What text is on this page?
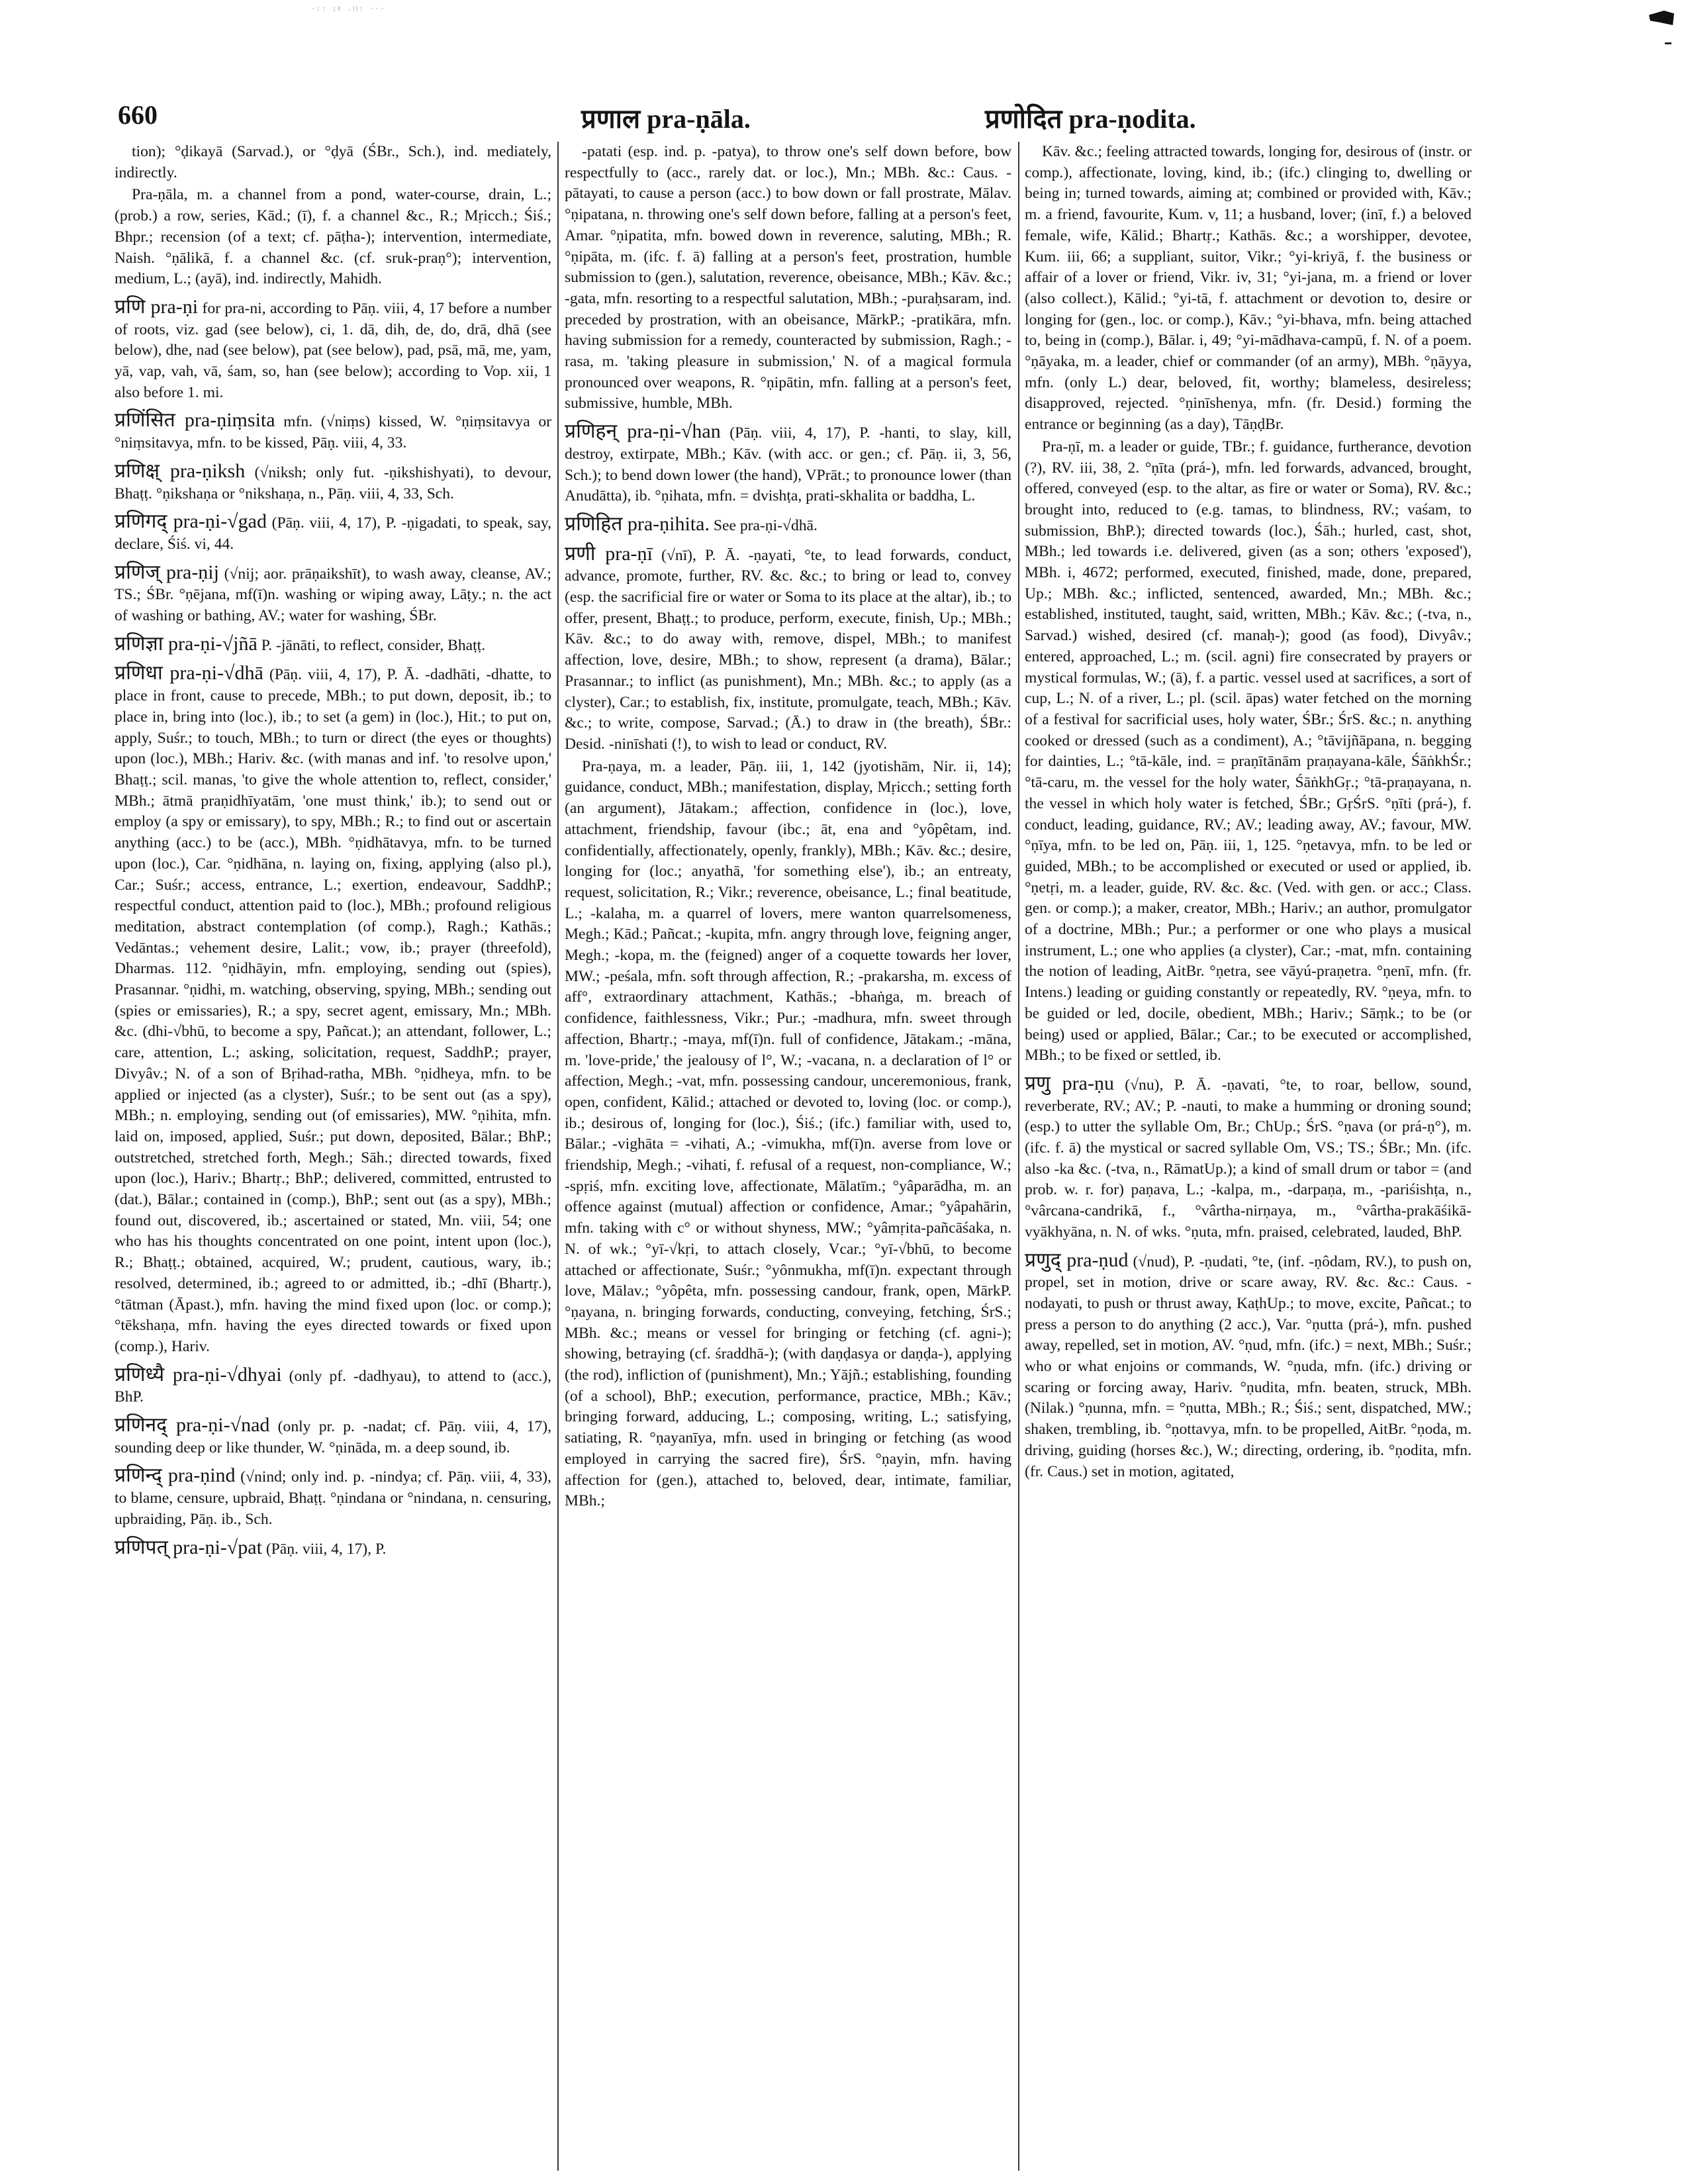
·:: ;ℓ .⁞⁞: ···
660	प्रणाल pra-ṇāla.	प्रणोदित pra-ṇodita.

tion); °ḍikayā (Sarvad.), or °ḍyā (ŚBr., Sch.), ind. mediately, indirectly.

Pra-ṇāla, m. a channel from a pond, water-course, drain, L.; (prob.) a row, series, Kād.; (ī), f. a channel &c., R.; Mṛicch.; Śiś.; Bhpr.; recension (of a text; cf. pāṭha-); intervention, intermediate, Naish. °ṇālikā, f. a channel &c. (cf. sruk-praṇ°); intervention, medium, L.; (ayā), ind. indirectly, Mahidh.

प्रणि pra-ṇi for pra-ni, according to Pāṇ. viii, 4, 17 before a number of roots, viz. gad (see below), ci, 1. dā, dih, de, do, drā, dhā (see below), dhe, nad (see below), pat (see below), pad, psā, mā, me, yam, yā, vap, vah, vā, śam, so, han (see below); according to Vop. xii, 1 also before 1. mi.

प्रणिंसित pra-ṇiṃsita mfn. (√niṃs) kissed, W. °ṇiṃsitavya or °niṃsitavya, mfn. to be kissed, Pāṇ. viii, 4, 33.

प्रणिक्ष् pra-ṇiksh (√niksh; only fut. -ṇikshishyati), to devour, Bhaṭṭ. °ṇikshaṇa or °nikshaṇa, n., Pāṇ. viii, 4, 33, Sch.

प्रणिगद् pra-ṇi-√gad (Pāṇ. viii, 4, 17), P. -ṇigadati, to speak, say, declare, Śiś. vi, 44.

प्रणिज् pra-ṇij (√nij; aor. prāṇaikshīt), to wash away, cleanse, AV.; TS.; ŚBr. °ṇējana, mf(ī)n. washing or wiping away, Lāṭy.; n. the act of washing or bathing, AV.; water for washing, ŚBr.

प्रणिज्ञा pra-ṇi-√jñā P. -jānāti, to reflect, consider, Bhaṭṭ.

प्रणिधा pra-ṇi-√dhā (Pāṇ. viii, 4, 17), P. Ā. -dadhāti, -dhatte, to place in front, cause to precede, MBh.; to put down, deposit, ib.; to place in, bring into (loc.), ib.; to set (a gem) in (loc.), Hit.; to put on, apply, Suśr.; to touch, MBh.; to turn or direct (the eyes or thoughts) upon (loc.), MBh.; Hariv. &c. (with manas and inf. 'to resolve upon,' Bhaṭṭ.; scil. manas, 'to give the whole attention to, reflect, consider,' MBh.; ātmā praṇidhīyatām, 'one must think,' ib.); to send out or employ (a spy or emissary), to spy, MBh.; R.; to find out or ascertain anything (acc.) to be (acc.), MBh. °ṇidhātavya, mfn. to be turned upon (loc.), Car. °ṇidhāna, n. laying on, fixing, applying (also pl.), Car.; Suśr.; access, entrance, L.; exertion, endeavour, SaddhP.; respectful conduct, attention paid to (loc.), MBh.; profound religious meditation, abstract contemplation (of comp.), Ragh.; Kathās.; Vedāntas.; vehement desire, Lalit.; vow, ib.; prayer (threefold), Dharmas. 112. °ṇidhāyin, mfn. employing, sending out (spies), Prasannar. °ṇidhi, m. watching, observing, spying, MBh.; sending out (spies or emissaries), R.; a spy, secret agent, emissary, Mn.; MBh. &c. (dhi-√bhū, to become a spy, Pañcat.); an attendant, follower, L.; care, attention, L.; asking, solicitation, request, SaddhP.; prayer, Divyâv.; N. of a son of Bṛihad-ratha, MBh. °ṇidheya, mfn. to be applied or injected (as a clyster), Suśr.; to be sent out (as a spy), MBh.; n. employing, sending out (of emissaries), MW. °ṇihita, mfn. laid on, imposed, applied, Suśr.; put down, deposited, Bālar.; BhP.; outstretched, stretched forth, Megh.; Sāh.; directed towards, fixed upon (loc.), Hariv.; Bhartṛ.; BhP.; delivered, committed, entrusted to (dat.), Bālar.; contained in (comp.), BhP.; sent out (as a spy), MBh.; found out, discovered, ib.; ascertained or stated, Mn. viii, 54; one who has his thoughts concentrated on one point, intent upon (loc.), R.; Bhaṭṭ.; obtained, acquired, W.; prudent, cautious, wary, ib.; resolved, determined, ib.; agreed to or admitted, ib.; -dhī (Bhartṛ.), °tātman (Āpast.), mfn. having the mind fixed upon (loc. or comp.); °tēkshaṇa, mfn. having the eyes directed towards or fixed upon (comp.), Hariv.

प्रणिध्यै pra-ṇi-√dhyai (only pf. -dadhyau), to attend to (acc.), BhP.

प्रणिनद् pra-ṇi-√nad (only pr. p. -nadat; cf. Pāṇ. viii, 4, 17), sounding deep or like thunder, W. °ṇināda, m. a deep sound, ib.

प्रणिन्द् pra-ṇind (√nind; only ind. p. -nindya; cf. Pāṇ. viii, 4, 33), to blame, censure, upbraid, Bhaṭṭ. °ṇindana or °nindana, n. censuring, upbraiding, Pāṇ. ib., Sch.

प्रणिपत् pra-ṇi-√pat (Pāṇ. viii, 4, 17), P.

-patati (esp. ind. p. -patya), to throw one's self down before, bow respectfully to (acc., rarely dat. or loc.), Mn.; MBh. &c.: Caus. -pātayati, to cause a person (acc.) to bow down or fall prostrate, Mālav. °ṇipatana, n. throwing one's self down before, falling at a person's feet, Amar. °ṇipatita, mfn. bowed down in reverence, saluting, MBh.; R. °ṇipāta, m. (ifc. f. ā) falling at a person's feet, prostration, humble submission to (gen.), salutation, reverence, obeisance, MBh.; Kāv. &c.; -gata, mfn. resorting to a respectful salutation, MBh.; -puraḥsaram, ind. preceded by prostration, with an obeisance, MārkP.; -pratikāra, mfn. having submission for a remedy, counteracted by submission, Ragh.; -rasa, m. 'taking pleasure in submission,' N. of a magical formula pronounced over weapons, R. °ṇipātin, mfn. falling at a person's feet, submissive, humble, MBh.

प्रणिहन् pra-ṇi-√han (Pāṇ. viii, 4, 17), P. -hanti, to slay, kill, destroy, extirpate, MBh.; Kāv. (with acc. or gen.; cf. Pāṇ. ii, 3, 56, Sch.); to bend down lower (the hand), VPrāt.; to pronounce lower (than Anudātta), ib. °ṇihata, mfn. = dvishṭa, prati-skhalita or baddha, L.

प्रणिहित pra-ṇihita. See pra-ṇi-√dhā.

प्रणी pra-ṇī (√nī), P. Ā. -ṇayati, °te, to lead forwards, conduct, advance, promote, further, RV. &c. &c.; to bring or lead to, convey (esp. the sacrificial fire or water or Soma to its place at the altar), ib.; to offer, present, Bhaṭṭ.; to produce, perform, execute, finish, Up.; MBh.; Kāv. &c.; to do away with, remove, dispel, MBh.; to manifest affection, love, desire, MBh.; to show, represent (a drama), Bālar.; Prasannar.; to inflict (as punishment), Mn.; MBh. &c.; to apply (as a clyster), Car.; to establish, fix, institute, promulgate, teach, MBh.; Kāv. &c.; to write, compose, Sarvad.; (Ā.) to draw in (the breath), ŚBr.: Desid. -ninīshati (!), to wish to lead or conduct, RV.

Pra-ṇaya, m. a leader, Pāṇ. iii, 1, 142 (jyotishām, Nir. ii, 14); guidance, conduct, MBh.; manifestation, display, Mṛicch.; setting forth (an argument), Jātakam.; affection, confidence in (loc.), love, attachment, friendship, favour (ibc.; āt, ena and °yôpêtam, ind. confidentially, affectionately, openly, frankly), MBh.; Kāv. &c.; desire, longing for (loc.; anyathā, 'for something else'), ib.; an entreaty, request, solicitation, R.; Vikr.; reverence, obeisance, L.; final beatitude, L.; -kalaha, m. a quarrel of lovers, mere wanton quarrelsomeness, Megh.; Kād.; Pañcat.; -kupita, mfn. angry through love, feigning anger, Megh.; -kopa, m. the (feigned) anger of a coquette towards her lover, MW.; -peśala, mfn. soft through affection, R.; -prakarsha, m. excess of aff°, extraordinary attachment, Kathās.; -bhaṅga, m. breach of confidence, faithlessness, Vikr.; Pur.; -madhura, mfn. sweet through affection, Bhartṛ.; -maya, mf(ī)n. full of confidence, Jātakam.; -māna, m. 'love-pride,' the jealousy of l°, W.; -vacana, n. a declaration of l° or affection, Megh.; -vat, mfn. possessing candour, unceremonious, frank, open, confident, Kālid.; attached or devoted to, loving (loc. or comp.), ib.; desirous of, longing for (loc.), Śiś.; (ifc.) familiar with, used to, Bālar.; -vighāta = -vihati, A.; -vimukha, mf(ī)n. averse from love or friendship, Megh.; -vihati, f. refusal of a request, non-compliance, W.; -spṛiś, mfn. exciting love, affectionate, Mālatīm.; °yâparādha, m. an offence against (mutual) affection or confidence, Amar.; °yâpahārin, mfn. taking with c° or without shyness, MW.; °yâmṛita-pañcāśaka, n. N. of wk.; °yī-√kṛi, to attach closely, Vcar.; °yī-√bhū, to become attached or affectionate, Suśr.; °yônmukha, mf(ī)n. expectant through love, Mālav.; °yôpêta, mfn. possessing candour, frank, open, MārkP. °ṇayana, n. bringing forwards, conducting, conveying, fetching, ŚrS.; MBh. &c.; means or vessel for bringing or fetching (cf. agni-); showing, betraying (cf. śraddhā-); (with daṇḍasya or daṇḍa-), applying (the rod), infliction of (punishment), Mn.; Yājñ.; establishing, founding (of a school), BhP.; execution, performance, practice, MBh.; Kāv.; bringing forward, adducing, L.; composing, writing, L.; satisfying, satiating, R. °ṇayanīya, mfn. used in bringing or fetching (as wood employed in carrying the sacred fire), ŚrS. °ṇayin, mfn. having affection for (gen.), attached to, beloved, dear, intimate, familiar, MBh.;

Kāv. &c.; feeling attracted towards, longing for, desirous of (instr. or comp.), affectionate, loving, kind, ib.; (ifc.) clinging to, dwelling or being in; turned towards, aiming at; combined or provided with, Kāv.; m. a friend, favourite, Kum. v, 11; a husband, lover; (inī, f.) a beloved female, wife, Kālid.; Bhartṛ.; Kathās. &c.; a worshipper, devotee, Kum. iii, 66; a suppliant, suitor, Vikr.; °yi-kriyā, f. the business or affair of a lover or friend, Vikr. iv, 31; °yi-jana, m. a friend or lover (also collect.), Kālid.; °yi-tā, f. attachment or devotion to, desire or longing for (gen., loc. or comp.), Kāv.; °yi-bhava, mfn. being attached to, being in (comp.), Bālar. i, 49; °yi-mādhava-campū, f. N. of a poem. °ṇāyaka, m. a leader, chief or commander (of an army), MBh. °ṇāyya, mfn. (only L.) dear, beloved, fit, worthy; blameless, desireless; disapproved, rejected. °ṇinīshenya, mfn. (fr. Desid.) forming the entrance or beginning (as a day), TāṇḍBr.

Pra-ṇī, m. a leader or guide, TBr.; f. guidance, furtherance, devotion (?), RV. iii, 38, 2. °ṇīta (prá-), mfn. led forwards, advanced, brought, offered, conveyed (esp. to the altar, as fire or water or Soma), RV. &c.; brought into, reduced to (e.g. tamas, to blindness, RV.; vaśam, to submission, BhP.); directed towards (loc.), Śāh.; hurled, cast, shot, MBh.; led towards i.e. delivered, given (as a son; others 'exposed'), MBh. i, 4672; performed, executed, finished, made, done, prepared, Up.; MBh. &c.; inflicted, sentenced, awarded, Mn.; MBh. &c.; established, instituted, taught, said, written, MBh.; Kāv. &c.; (-tva, n., Sarvad.) wished, desired (cf. manaḥ-); good (as food), Divyâv.; entered, approached, L.; m. (scil. agni) fire consecrated by prayers or mystical formulas, W.; (ā), f. a partic. vessel used at sacrifices, a sort of cup, L.; N. of a river, L.; pl. (scil. āpas) water fetched on the morning of a festival for sacrificial uses, holy water, ŚBr.; ŚrS. &c.; n. anything cooked or dressed (such as a condiment), A.; °tāvijñāpana, n. begging for dainties, L.; °tā-kāle, ind. = praṇītānām praṇayana-kāle, ŚāṅkhŚr.; °tā-caru, m. the vessel for the holy water, ŚāṅkhGṛ.; °tā-praṇayana, n. the vessel in which holy water is fetched, ŚBr.; GṛŚrS. °ṇīti (prá-), f. conduct, leading, guidance, RV.; AV.; leading away, AV.; favour, MW. °ṇīya, mfn. to be led on, Pāṇ. iii, 1, 125. °ṇetavya, mfn. to be led or guided, MBh.; to be accomplished or executed or used or applied, ib. °ṇetṛi, m. a leader, guide, RV. &c. &c. (Ved. with gen. or acc.; Class. gen. or comp.); a maker, creator, MBh.; Hariv.; an author, promulgator of a doctrine, MBh.; Pur.; a performer or one who plays a musical instrument, L.; one who applies (a clyster), Car.; -mat, mfn. containing the notion of leading, AitBr. °ṇetra, see vāyú-praṇetra. °ṇenī, mfn. (fr. Intens.) leading or guiding constantly or repeatedly, RV. °ṇeya, mfn. to be guided or led, docile, obedient, MBh.; Hariv.; Sāṃk.; to be (or being) used or applied, Bālar.; Car.; to be executed or accomplished, MBh.; to be fixed or settled, ib.

प्रणु pra-ṇu (√nu), P. Ā. -ṇavati, °te, to roar, bellow, sound, reverberate, RV.; AV.; P. -nauti, to make a humming or droning sound; (esp.) to utter the syllable Om, Br.; ChUp.; ŚrS. °ṇava (or prá-ṇ°), m. (ifc. f. ā) the mystical or sacred syllable Om, VS.; TS.; ŚBr.; Mn. (ifc. also -ka &c. (-tva, n., RāmatUp.); a kind of small drum or tabor = (and prob. w. r. for) paṇava, L.; -kalpa, m., -darpaṇa, m., -pariśishṭa, n., °vârcana-candrikā, f., °vârtha-nirṇaya, m., °vârtha-prakāśikā-vyākhyāna, n. N. of wks. °ṇuta, mfn. praised, celebrated, lauded, BhP.

प्रणुद् pra-ṇud (√nud), P. -ṇudati, °te, (inf. -ṇôdam, RV.), to push on, propel, set in motion, drive or scare away, RV. &c. &c.: Caus. -nodayati, to push or thrust away, KaṭhUp.; to move, excite, Pañcat.; to press a person to do anything (2 acc.), Var. °ṇutta (prá-), mfn. pushed away, repelled, set in motion, AV. °ṇud, mfn. (ifc.) = next, MBh.; Suśr.; who or what enjoins or commands, W. °ṇuda, mfn. (ifc.) driving or scaring or forcing away, Hariv. °ṇudita, mfn. beaten, struck, MBh. (Nilak.) °ṇunna, mfn. = °ṇutta, MBh.; R.; Śiś.; sent, dispatched, MW.; shaken, trembling, ib. °ṇottavya, mfn. to be propelled, AitBr. °ṇoda, m. driving, guiding (horses &c.), W.; directing, ordering, ib. °ṇodita, mfn. (fr. Caus.) set in motion, agitated,
